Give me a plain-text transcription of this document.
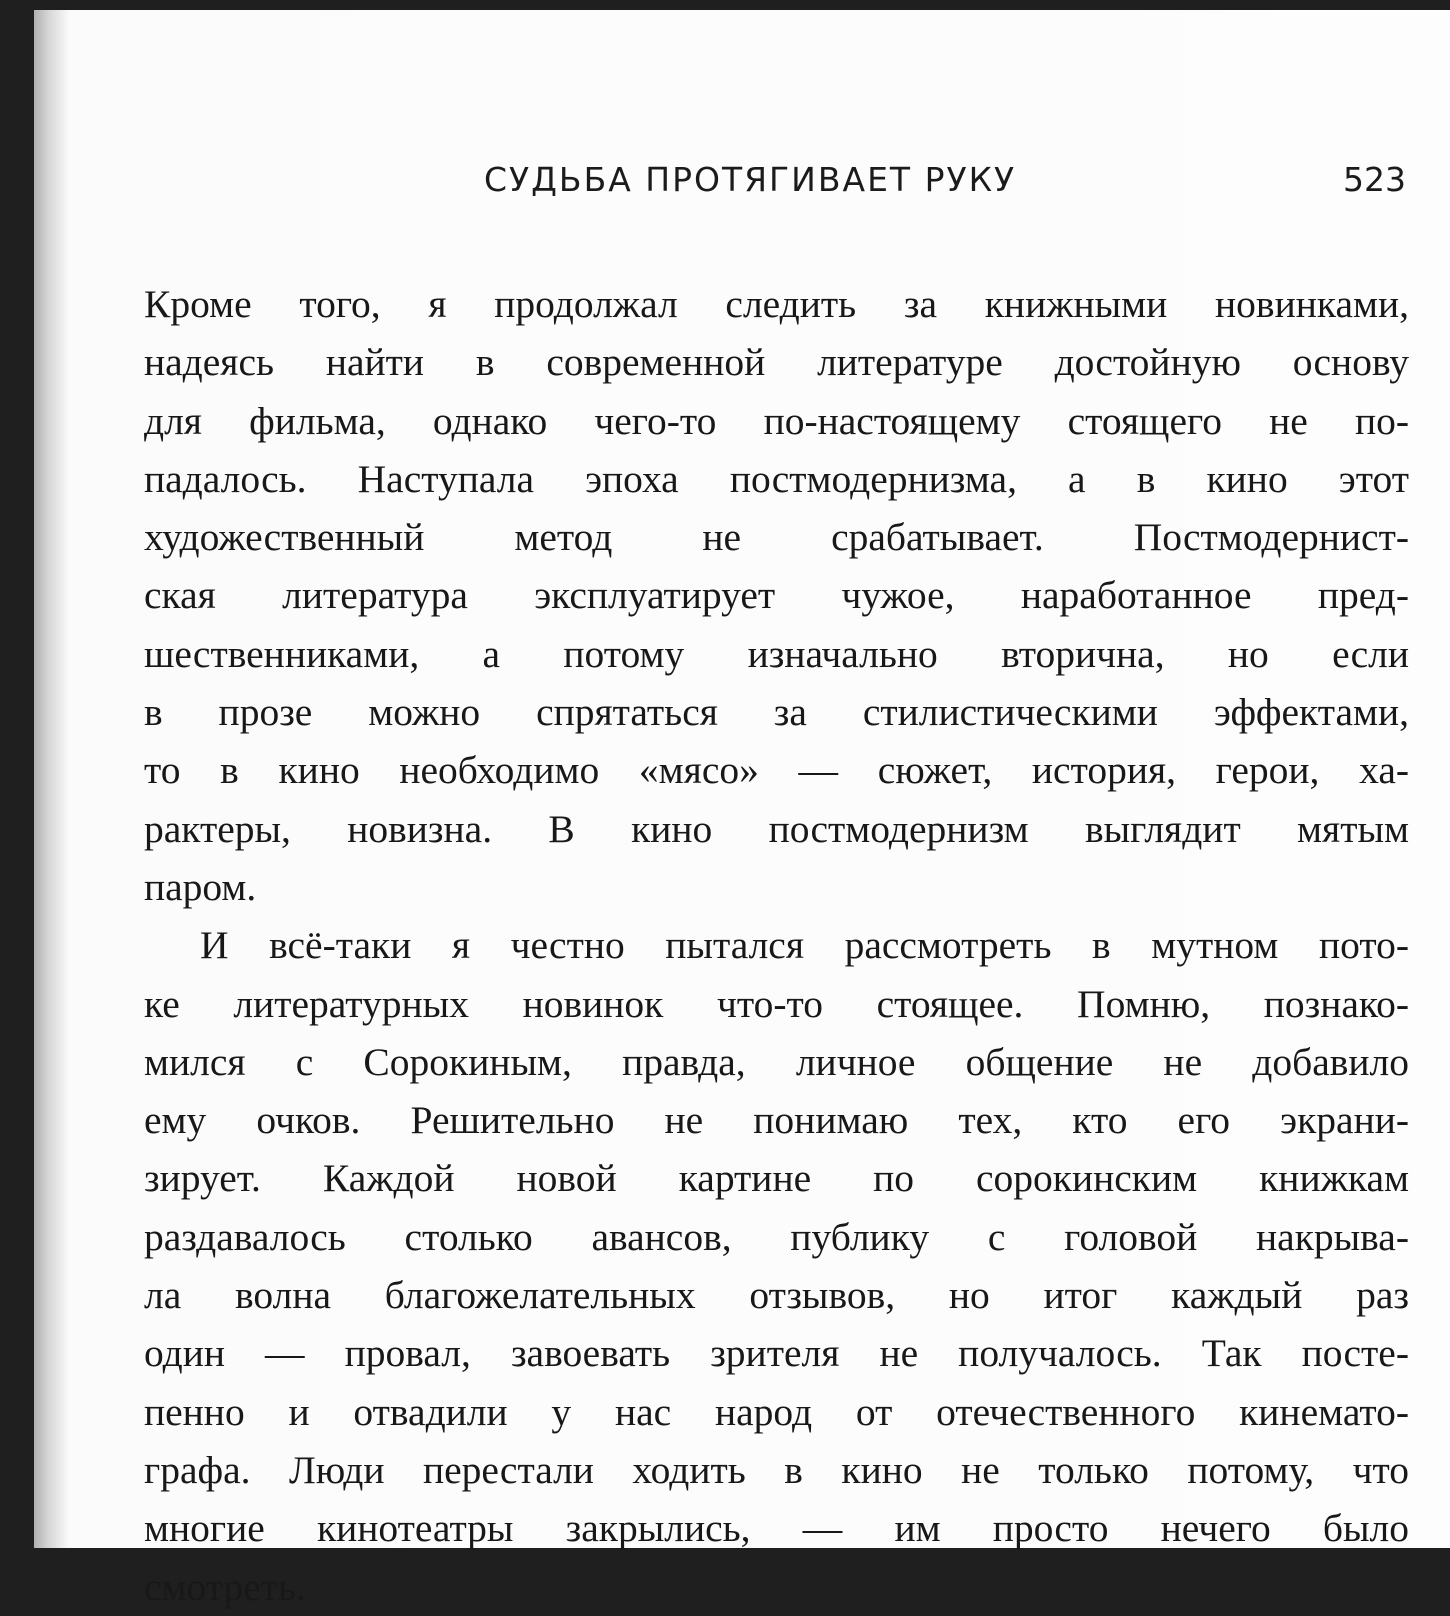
СУДЬБА ПРОТЯГИВАЕТ РУКУ	523
Кроме того, я продолжал следить за книжными новинками,
надеясь найти в современной литературе достойную основу
для фильма, однако чего-то по-настоящему стоящего не по-
падалось. Наступала эпоха постмодернизма, а в кино этот
художественный метод не срабатывает. Постмодернист-
ская литература эксплуатирует чужое, наработанное пред-
шественниками, а потому изначально вторична, но если
в прозе можно спрятаться за стилистическими эффектами,
то в кино необходимо «мясо» — сюжет, история, герои, ха-
рактеры, новизна. В кино постмодернизм выглядит мятым
паром.
И всё-таки я честно пытался рассмотреть в мутном пото-
ке литературных новинок что-то стоящее. Помню, познако-
мился с Сорокиным, правда, личное общение не добавило
ему очков. Решительно не понимаю тех, кто его экрани-
зирует. Каждой новой картине по сорокинским книжкам
раздавалось столько авансов, публику с головой накрыва-
ла волна благожелательных отзывов, но итог каждый раз
один — провал, завоевать зрителя не получалось. Так посте-
пенно и отвадили у нас народ от отечественного кинемато-
графа. Люди перестали ходить в кино не только потому, что
многие кинотеатры закрылись, — им просто нечего было
смотреть.
